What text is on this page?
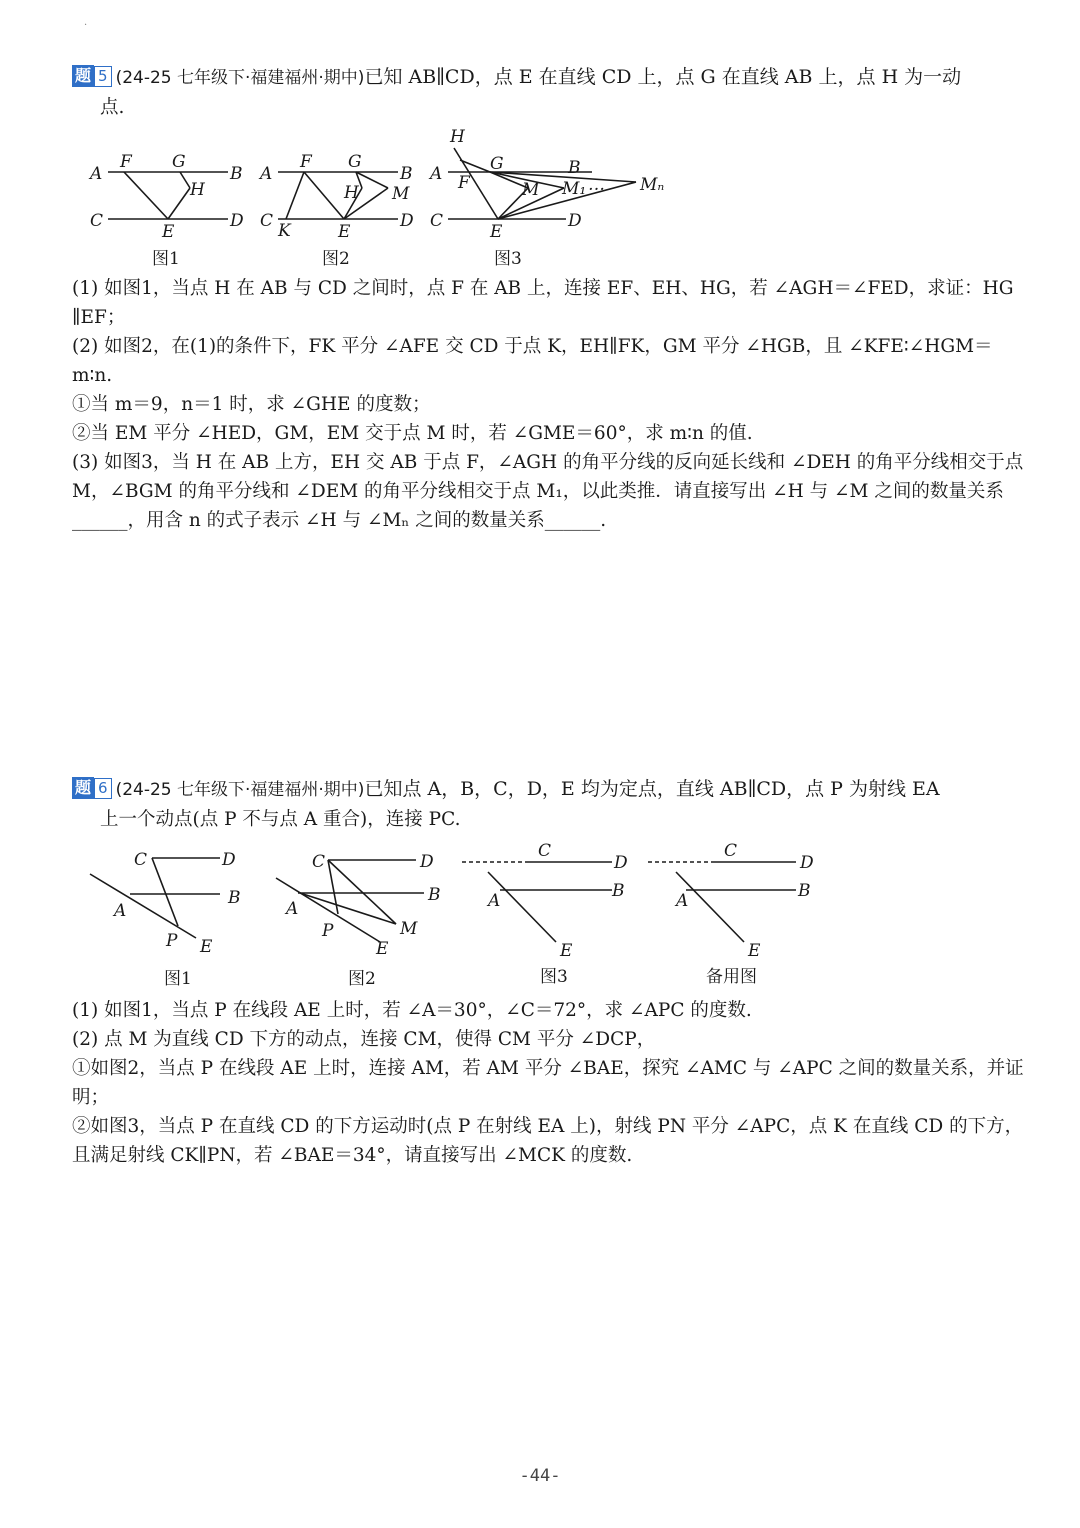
·
题 5 (24-25 七年级下·福建福州·期中)已知 AB∥CD，点 E 在直线 CD 上，点 G 在直线 AB 上，点 H 为一动

点.

A
F G
B
H
C
E
D
图1
A
F G
B
H M
C K	E
D
图2
H
A F
G	B
M M₁ … Mₙ
C
E
D
图3

(1) 如图1，当点 H 在 AB 与 CD 之间时，点 F 在 AB 上，连接 EF、EH、HG，若 ∠AGH＝∠FED，求证：HG

∥EF；

(2) 如图2，在(1)的条件下，FK 平分 ∠AFE 交 CD 于点 K，EH∥FK，GM 平分 ∠HGB，且 ∠KFE∶∠HGM＝

m∶n.

①当 m＝9，n＝1 时，求 ∠GHE 的度数；

②当 EM 平分 ∠HED，GM，EM 交于点 M 时，若 ∠GME＝60°，求 m∶n 的值.

(3) 如图3，当 H 在 AB 上方，EH 交 AB 于点 F，∠AGH 的角平分线的反向延长线和 ∠DEH 的角平分线相交于点

M，∠BGM 的角平分线和 ∠DEM 的角平分线相交于点 M₁，以此类推．请直接写出 ∠H 与 ∠M 之间的数量关系

______，用含 n 的式子表示 ∠H 与 ∠Mₙ 之间的数量关系______.

题 6 (24-25 七年级下·福建福州·期中)已知点 A，B，C，D，E 均为定点，直线 AB∥CD，点 P 为射线 EA

上一个动点(点 P 不与点 A 重合)，连接 PC.

C	D
B
A
P E
图1
C	D
B
A
P	M
E
图2
C
D
B
A
E
图3
C
D
B
A
E
备用图

(1) 如图1，当点 P 在线段 AE 上时，若 ∠A＝30°，∠C＝72°，求 ∠APC 的度数.

(2) 点 M 为直线 CD 下方的动点，连接 CM，使得 CM 平分 ∠DCP，

①如图2，当点 P 在线段 AE 上时，连接 AM，若 AM 平分 ∠BAE，探究 ∠AMC 与 ∠APC 之间的数量关系，并证

明；

②如图3，当点 P 在直线 CD 的下方运动时(点 P 在射线 EA 上)，射线 PN 平分 ∠APC，点 K 在直线 CD 的下方，

且满足射线 CK∥PN，若 ∠BAE＝34°，请直接写出 ∠MCK 的度数.

-44-
